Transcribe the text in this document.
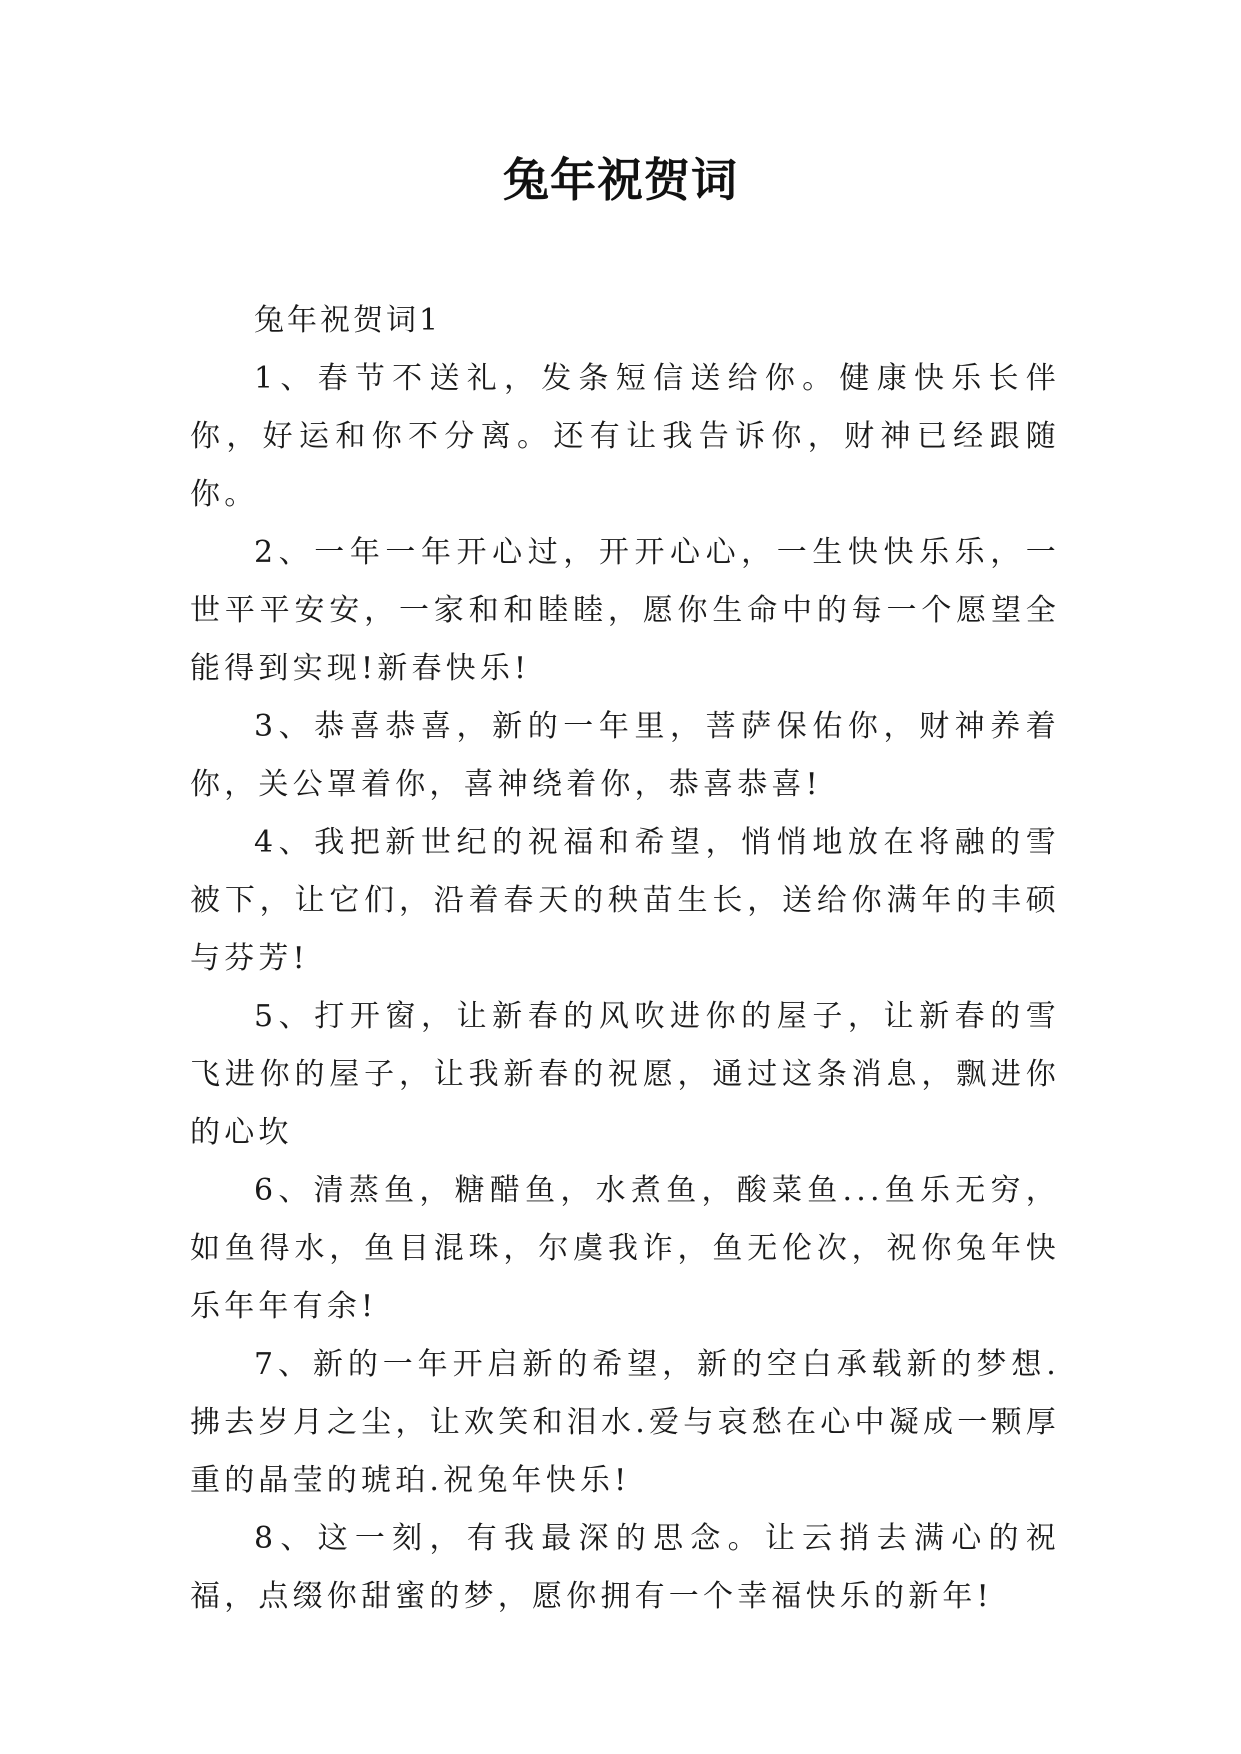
兔年祝贺词

兔年祝贺词1

1、春节不送礼，发条短信送给你。健康快乐长伴你，好运和你不分离。还有让我告诉你，财神已经跟随你。

2、一年一年开心过，开开心心，一生快快乐乐，一世平平安安，一家和和睦睦，愿你生命中的每一个愿望全能得到实现!新春快乐!

3、恭喜恭喜，新的一年里，菩萨保佑你，财神养着你，关公罩着你，喜神绕着你，恭喜恭喜!

4、我把新世纪的祝福和希望，悄悄地放在将融的雪被下，让它们，沿着春天的秧苗生长，送给你满年的丰硕与芬芳!

5、打开窗，让新春的风吹进你的屋子，让新春的雪飞进你的屋子，让我新春的祝愿，通过这条消息，飘进你的心坎

6、清蒸鱼，糖醋鱼，水煮鱼，酸菜鱼...鱼乐无穷，如鱼得水，鱼目混珠，尔虞我诈，鱼无伦次，祝你兔年快乐年年有余!

7、新的一年开启新的希望，新的空白承载新的梦想.拂去岁月之尘，让欢笑和泪水.爱与哀愁在心中凝成一颗厚重的晶莹的琥珀.祝兔年快乐!

8、这一刻，有我最深的思念。让云捎去满心的祝福，点缀你甜蜜的梦，愿你拥有一个幸福快乐的新年!
